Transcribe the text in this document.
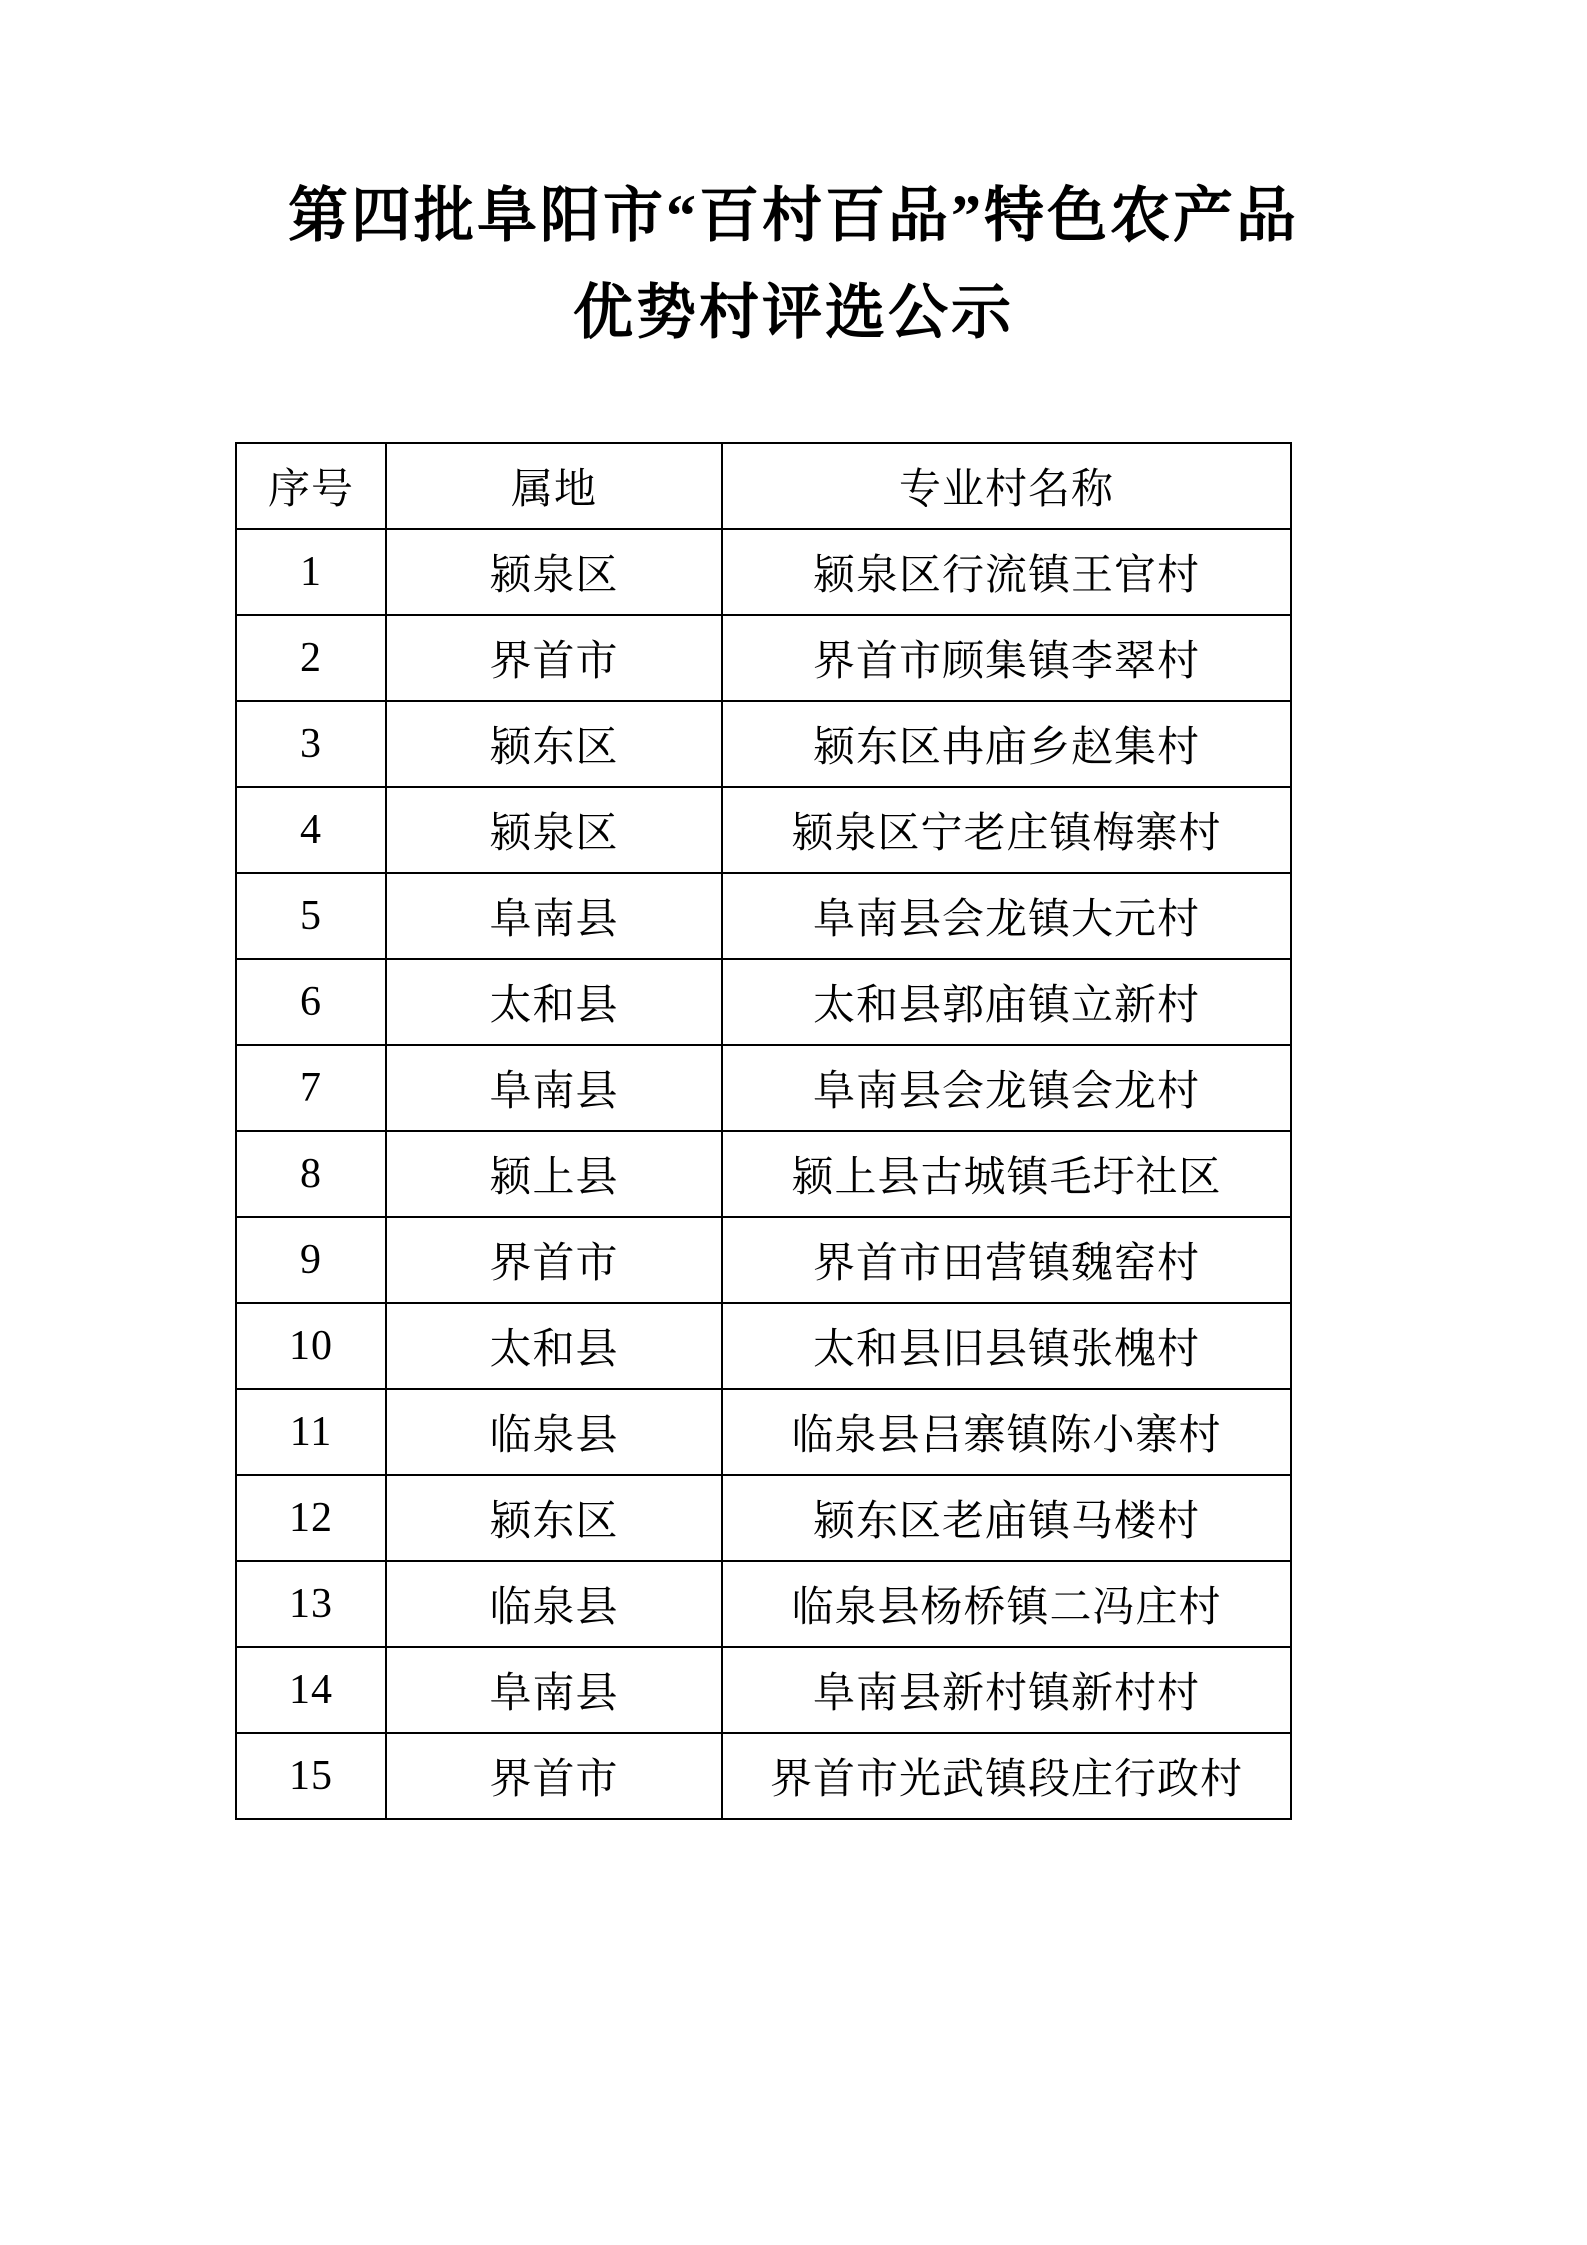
第四批阜阳市“百村百品”特色农产品
优势村评选公示
序号	属地	专业村名称
1	颍泉区	颍泉区行流镇王官村
2	界首市	界首市顾集镇李翠村
3	颍东区	颍东区冉庙乡赵集村
4	颍泉区	颍泉区宁老庄镇梅寨村
5	阜南县	阜南县会龙镇大元村
6	太和县	太和县郭庙镇立新村
7	阜南县	阜南县会龙镇会龙村
8	颍上县	颍上县古城镇毛圩社区
9	界首市	界首市田营镇魏窑村
10	太和县	太和县旧县镇张槐村
11	临泉县	临泉县吕寨镇陈小寨村
12	颍东区	颍东区老庙镇马楼村
13	临泉县	临泉县杨桥镇二冯庄村
14	阜南县	阜南县新村镇新村村
15	界首市	界首市光武镇段庄行政村
